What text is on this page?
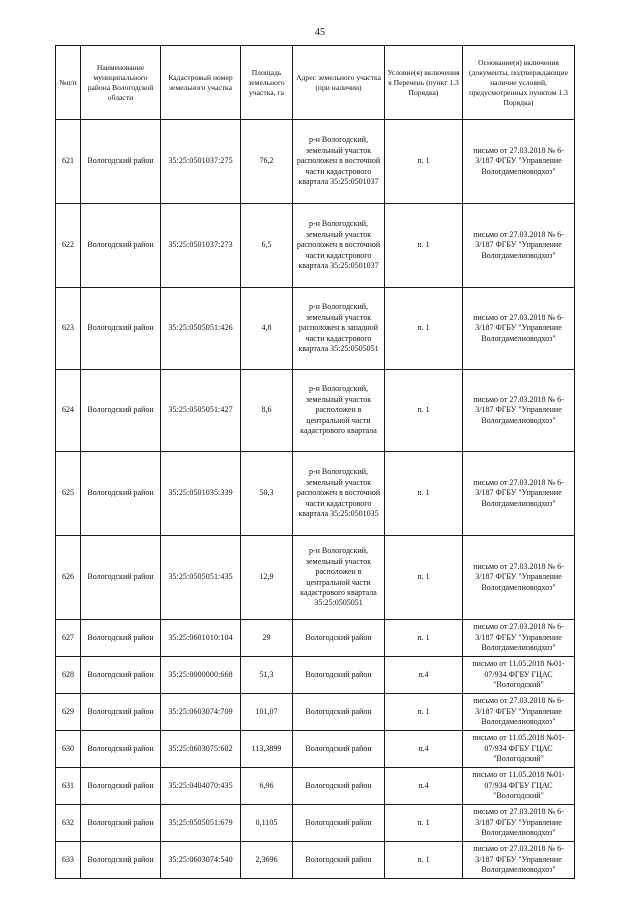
45
№п/п	Наименование муниципального района Вологодской области	Кадастровый номер земельного участка	Площадь земельного участка, га	Адрес земельного участка (при наличии)	Условие(я) включения в Перечень (пункт 1.3 Порядка)	Основание(я) включения (документы, подтверждающие наличие условий, предусмотренных пунктом 1.3 Порядка)
621	Вологодский район	35:25:0501037:275	76,2	р-н Вологодский, земельный участок расположен в восточной части кадастрового квартала 35:25:0501037	п. 1	письмо от 27.03.2018 № 6-3/187 ФГБУ "Управление Вологдамелиоводхоз"
622	Вологодский район	35:25:0501037:273	6,5	р-н Вологодский, земельный участок расположен в восточной части кадастрового квартала 35:25:0501037	п. 1	письмо от 27.03.2018 № 6-3/187 ФГБУ "Управление Вологдамелиоводхоз"
623	Вологодский район	35:25:0505051:426	4,8	р-н Вологодский, земельный участок расположен в западной части кадастрового квартала 35:25:0505051	п. 1	письмо от 27.03.2018 № 6-3/187 ФГБУ "Управление Вологдамелиоводхоз"
624	Вологодский район	35:25:0505051:427	8,6	р-н Вологодский, земельный участок расположен в центральной части кадастрового квартала	п. 1	письмо от 27.03.2018 № 6-3/187 ФГБУ "Управление Вологдамелиоводхоз"
625	Вологодский район	35:25:0501035:339	50,3	р-н Вологодский, земельный участок расположен в восточной части кадастрового квартала 35:25:0501035	п. 1	письмо от 27.03.2018 № 6-3/187 ФГБУ "Управление Вологдамелиоводхоз"
626	Вологодский район	35:25:0505051:435	12,9	р-н Вологодский, земельный участок расположен в центральной части кадастрового квартала 35:25:0505051	п. 1	письмо от 27.03.2018 № 6-3/187 ФГБУ "Управление Вологдамелиоводхоз"
627	Вологодский район	35:25:0601010:104	29	Вологодский район	п. 1	письмо от 27.03.2018 № 6-3/187 ФГБУ "Управление Вологдамелиоводхоз"
628	Вологодский район	35:25:0000000:668	51,3	Вологодский район	п.4	письмо от 11.05.2018 №01-07/934 ФГБУ ГЦАС "Вологодский"
629	Вологодский район	35:25:0603074:709	101,07	Вологодский район	п. 1	письмо от 27.03.2018 № 6-3/187 ФГБУ "Управление Вологдамелиоводхоз"
630	Вологодский район	35:25:0603075:602	113,3899	Вологодский район	п.4	письмо от 11.05.2018 №01-07/934 ФГБУ ГЦАС "Вологодский"
631	Вологодский район	35:25:0404070:435	6,96	Вологодский район	п.4	письмо от 11.05.2018 №01-07/934 ФГБУ ГЦАС "Вологодский"
632	Вологодский район	35:25:0505051:679	0,1105	Вологодский район	п. 1	письмо от 27.03.2018 № 6-3/187 ФГБУ "Управление Вологдамелиоводхоз"
633	Вологодский район	35:25:0603074:540	2,3696	Вологодский район	п. 1	письмо от 27.03.2018 № 6-3/187 ФГБУ "Управление Вологдамелиоводхоз"
